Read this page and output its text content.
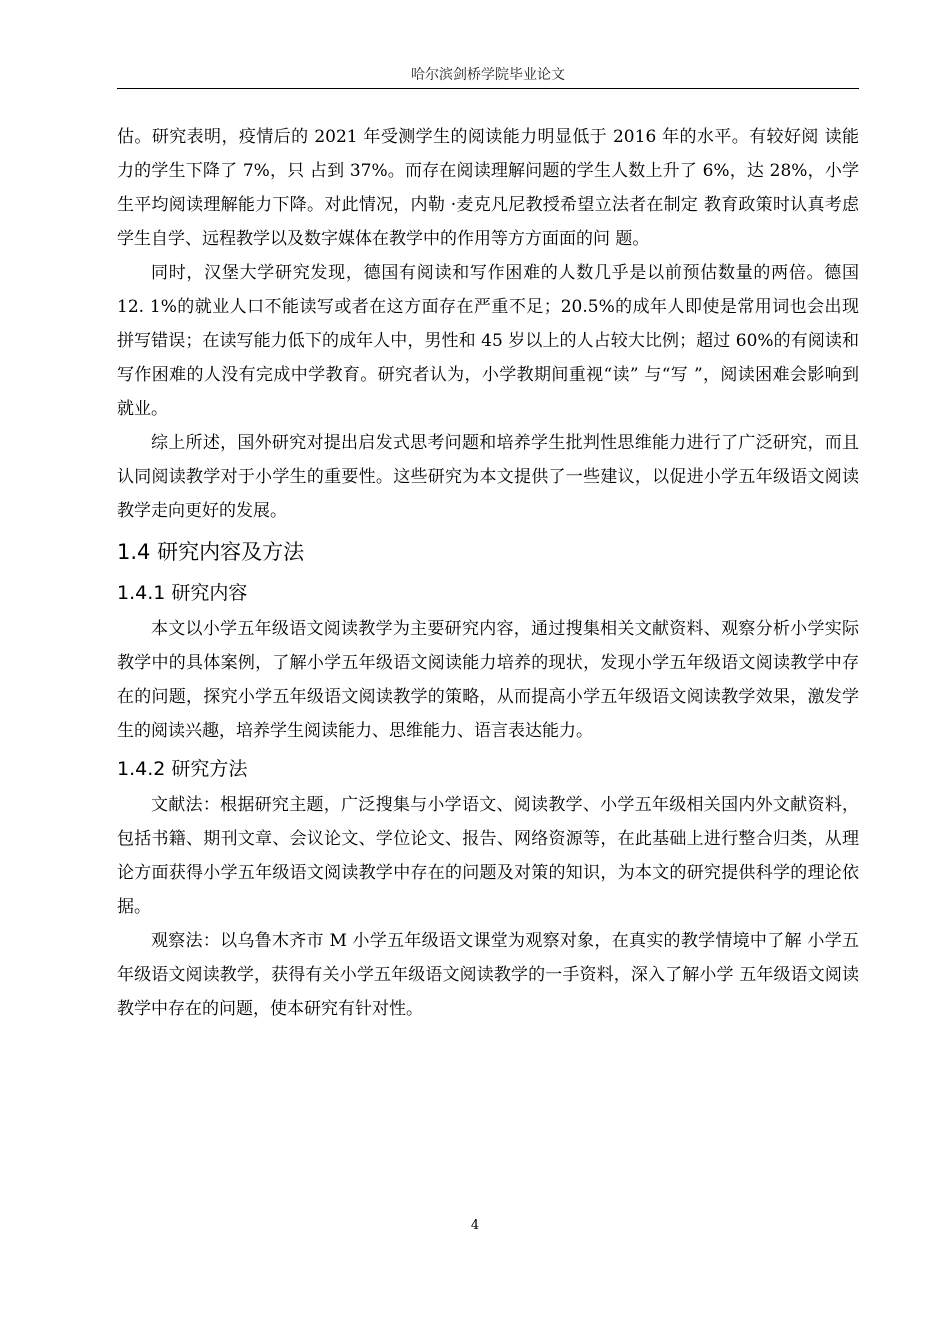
哈尔滨剑桥学院毕业论文

估。研究表明，疫情后的 2021 年受测学生的阅读能力明显低于 2016 年的水平。有较好阅 读能力的学生下降了 7%，只 占到 37%。而存在阅读理解问题的学生人数上升了 6%，达 28%，小学生平均阅读理解能力下降。对此情况，内勒 ·麦克凡尼教授希望立法者在制定 教育政策时认真考虑学生自学、远程教学以及数字媒体在教学中的作用等方方面面的问 题。

同时，汉堡大学研究发现，德国有阅读和写作困难的人数几乎是以前预估数量的两倍。德国 12. 1%的就业人口不能读写或者在这方面存在严重不足；20.5%的成年人即使是常用词也会出现拼写错误；在读写能力低下的成年人中，男性和 45 岁以上的人占较大比例；超过 60%的有阅读和写作困难的人没有完成中学教育。研究者认为，小学教期间重视“读” 与“写 ”，阅读困难会影响到就业。

综上所述，国外研究对提出启发式思考问题和培养学生批判性思维能力进行了广泛研究，而且认同阅读教学对于小学生的重要性。这些研究为本文提供了一些建议，以促进小学五年级语文阅读教学走向更好的发展。

1.4 研究内容及方法
1.4.1 研究内容

本文以小学五年级语文阅读教学为主要研究内容，通过搜集相关文献资料、观察分析小学实际教学中的具体案例，了解小学五年级语文阅读能力培养的现状，发现小学五年级语文阅读教学中存在的问题，探究小学五年级语文阅读教学的策略，从而提高小学五年级语文阅读教学效果，激发学生的阅读兴趣，培养学生阅读能力、思维能力、语言表达能力。

1.4.2 研究方法

文献法：根据研究主题，广泛搜集与小学语文、阅读教学、小学五年级相关国内外文献资料，包括书籍、期刊文章、会议论文、学位论文、报告、网络资源等，在此基础上进行整合归类，从理论方面获得小学五年级语文阅读教学中存在的问题及对策的知识，为本文的研究提供科学的理论依据。

观察法：以乌鲁木齐市 M 小学五年级语文课堂为观察对象，在真实的教学情境中了解 小学五年级语文阅读教学，获得有关小学五年级语文阅读教学的一手资料，深入了解小学 五年级语文阅读教学中存在的问题，使本研究有针对性。

4
